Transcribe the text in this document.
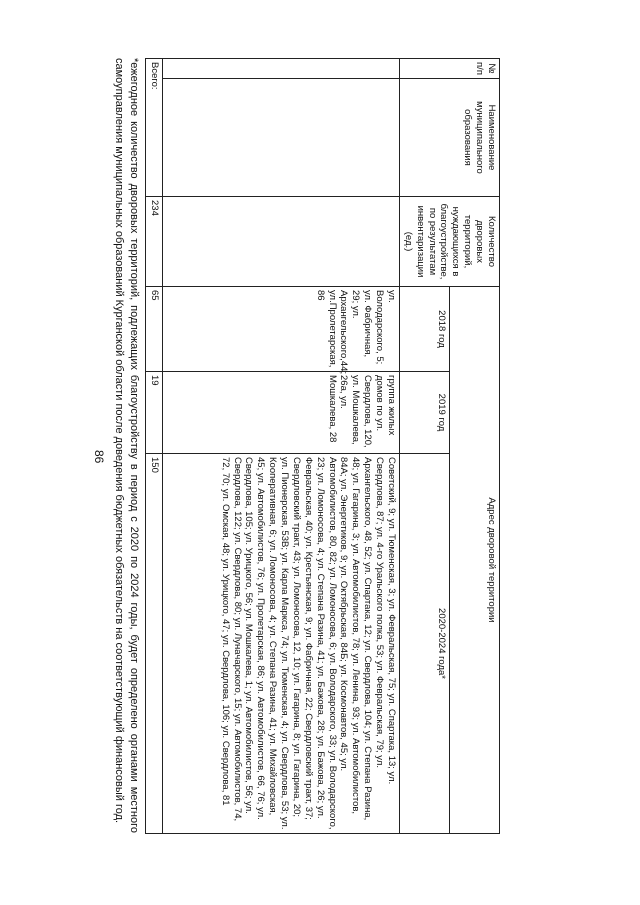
86
№ п/п	Наименование муниципального образования	Количество дворовых территорий, нуждающихся в благоустройстве, по результатам инвентаризации (ед.)	Адрес дворовой территории		
			2018 год	2019 год	2020-2024 года*
			ул. Володарского, 5; ул. Фабричная, 29; ул. Архангельского,44; ул.Пролетарская, 86	группа жилых домов по ул. Свердлова, 120, ул. Мошкалева, 26а, ул. Мошкалева, 28	Советский, 9; ул. Тюменская, 3; ул. Февральская, 75; ул. Спартака, 13; ул. Свердлова, 87; ул. 4-го Уральского полка, 53; ул. Февральская, 79; ул. Архангельского, 48, 52; ул. Спартака, 12; ул. Свердлова, 104; ул. Степана Разина, 48; ул. Гагарина, 3; ул. Автомобилистов, 78; ул. Ленина, 93; ул. Автомобилистов, 84А; ул. Энергетиков, 9; ул. Октябрьская, 84Б; ул. Космонавтов, 45; ул. Автомобилистов, 80, 82; ул. Ломоносова, 6; ул. Володарского, 33; ул. Володарского, 23; ул. Ломоносова, 4; ул. Степана Разина, 41; ул. Бажова, 28; ул. Бажова, 26; ул. Февральская, 40; ул. Крестьянская, 9; ул. Фабричная, 22; Свердловский тракт, 37; Свердловский тракт, 43; ул. Ломоносова, 12, 10; ул. Гагарина, 8; ул. Гагарина, 20; ул. Пионерская, 53В; ул. Карла Маркса, 74; ул. Тюменская, 4; ул. Свердлова, 53; ул. Кооперативная, 6; ул. Ломоносова, 4; ул. Степана Разина, 41; ул. Михайловская, 45; ул. Автомобилистов, 76; ул. Пролетарская, 86; ул. Автомобилистов, 66, 76; ул. Свердлова, 105; ул. Урицкого, 56; ул. Мошкалева, 1; ул. Автомобилистов, 56; ул. Свердлова, 122; ул. Свердлова, 80; ул. Луначарского, 15; ул. Автомобилистов, 74, 72, 70; ул. Омская, 48; ул. Урицкого, 47; ул. Свердлова, 106; ул. Свердлова, 81
Всего:		234	65	19	150
*ежегодное количество дворовых территорий, подлежащих благоустройству в период с 2020 по 2024 годы, будет определено органами местного самоуправления муниципальных образований Курганской области после доведения бюджетных обязательств на соответствующий финансовый год.
